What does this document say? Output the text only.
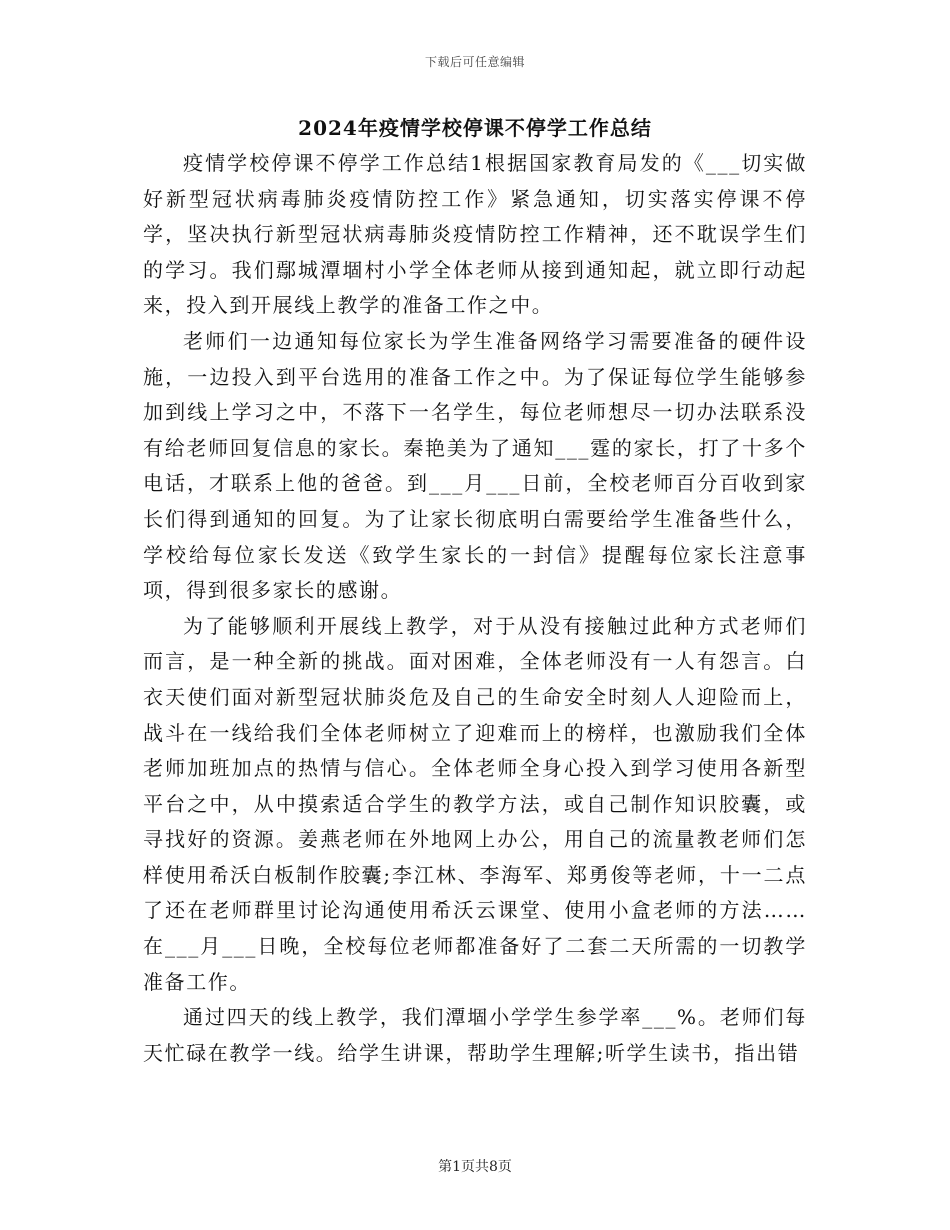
下载后可任意编辑
2024年疫情学校停课不停学工作总结

疫情学校停课不停学工作总结1根据国家教育局发的《___切实做好新型冠状病毒肺炎疫情防控工作》紧急通知，切实落实停课不停学，坚决执行新型冠状病毒肺炎疫情防控工作精神，还不耽误学生们的学习。我们鄢城潭堌村小学全体老师从接到通知起，就立即行动起来，投入到开展线上教学的准备工作之中。

老师们一边通知每位家长为学生准备网络学习需要准备的硬件设施，一边投入到平台选用的准备工作之中。为了保证每位学生能够参加到线上学习之中，不落下一名学生，每位老师想尽一切办法联系没有给老师回复信息的家长。秦艳美为了通知___霆的家长，打了十多个电话，才联系上他的爸爸。到___月___日前，全校老师百分百收到家长们得到通知的回复。为了让家长彻底明白需要给学生准备些什么，学校给每位家长发送《致学生家长的一封信》提醒每位家长注意事项，得到很多家长的感谢。

为了能够顺利开展线上教学，对于从没有接触过此种方式老师们而言，是一种全新的挑战。面对困难，全体老师没有一人有怨言。白衣天使们面对新型冠状肺炎危及自己的生命安全时刻人人迎险而上，战斗在一线给我们全体老师树立了迎难而上的榜样，也激励我们全体老师加班加点的热情与信心。全体老师全身心投入到学习使用各新型平台之中，从中摸索适合学生的教学方法，或自己制作知识胶囊，或寻找好的资源。姜燕老师在外地网上办公，用自己的流量教老师们怎样使用希沃白板制作胶囊;李江林、李海军、郑勇俊等老师，十一二点了还在老师群里讨论沟通使用希沃云课堂、使用小盒老师的方法……在___月___日晚，全校每位老师都准备好了二套二天所需的一切教学准备工作。

通过四天的线上教学，我们潭堌小学学生参学率___%。老师们每天忙碌在教学一线。给学生讲课，帮助学生理解;听学生读书，指出错

第1页共8页
